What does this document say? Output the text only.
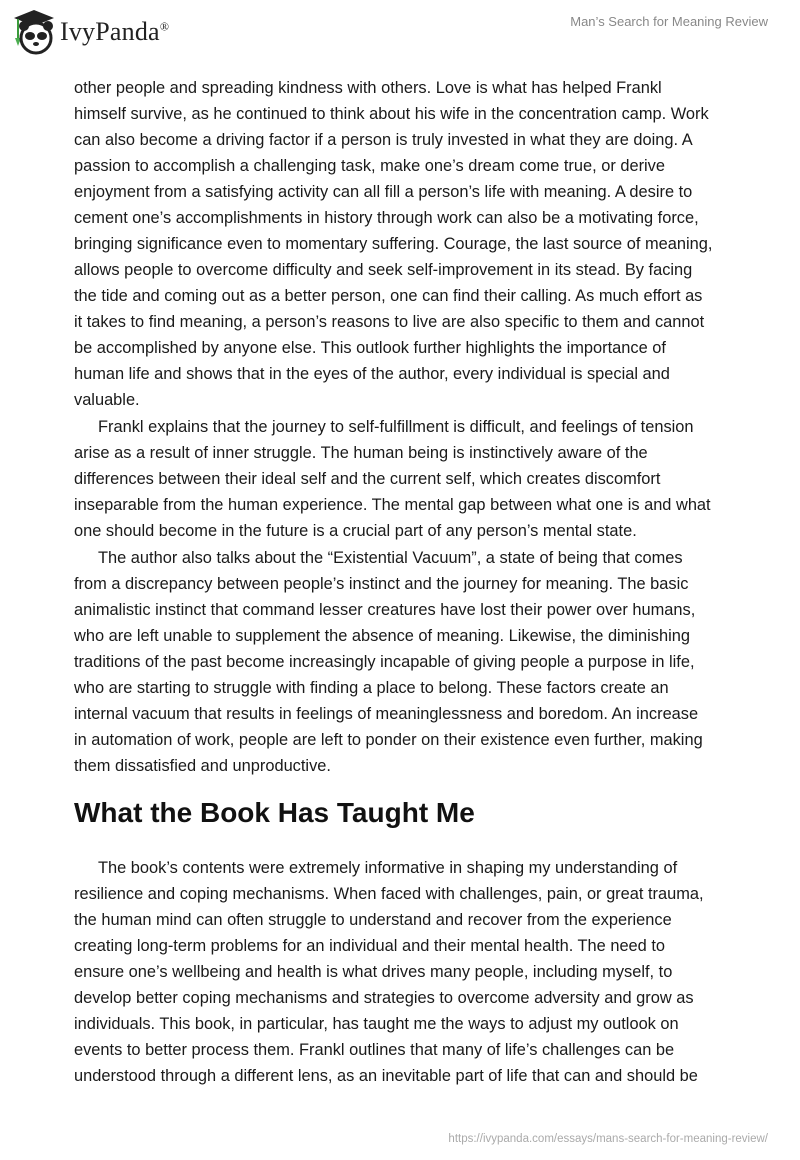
IvyPanda®	Man’s Search for Meaning Review

other people and spreading kindness with others. Love is what has helped Frankl
himself survive, as he continued to think about his wife in the concentration camp. Work
can also become a driving factor if a person is truly invested in what they are doing. A
passion to accomplish a challenging task, make one’s dream come true, or derive
enjoyment from a satisfying activity can all fill a person’s life with meaning. A desire to
cement one’s accomplishments in history through work can also be a motivating force,
bringing significance even to momentary suffering. Courage, the last source of meaning,
allows people to overcome difficulty and seek self-improvement in its stead. By facing
the tide and coming out as a better person, one can find their calling. As much effort as
it takes to find meaning, a person’s reasons to live are also specific to them and cannot
be accomplished by anyone else. This outlook further highlights the importance of
human life and shows that in the eyes of the author, every individual is special and
valuable.

Frankl explains that the journey to self-fulfillment is difficult, and feelings of tension
arise as a result of inner struggle. The human being is instinctively aware of the
differences between their ideal self and the current self, which creates discomfort
inseparable from the human experience. The mental gap between what one is and what
one should become in the future is a crucial part of any person’s mental state.

The author also talks about the “Existential Vacuum”, a state of being that comes
from a discrepancy between people’s instinct and the journey for meaning. The basic
animalistic instinct that command lesser creatures have lost their power over humans,
who are left unable to supplement the absence of meaning. Likewise, the diminishing
traditions of the past become increasingly incapable of giving people a purpose in life,
who are starting to struggle with finding a place to belong. These factors create an
internal vacuum that results in feelings of meaninglessness and boredom. An increase
in automation of work, people are left to ponder on their existence even further, making
them dissatisfied and unproductive.

What the Book Has Taught Me

The book’s contents were extremely informative in shaping my understanding of
resilience and coping mechanisms. When faced with challenges, pain, or great trauma,
the human mind can often struggle to understand and recover from the experience
creating long-term problems for an individual and their mental health. The need to
ensure one’s wellbeing and health is what drives many people, including myself, to
develop better coping mechanisms and strategies to overcome adversity and grow as
individuals. This book, in particular, has taught me the ways to adjust my outlook on
events to better process them. Frankl outlines that many of life’s challenges can be
understood through a different lens, as an inevitable part of life that can and should be

https://ivypanda.com/essays/mans-search-for-meaning-review/
